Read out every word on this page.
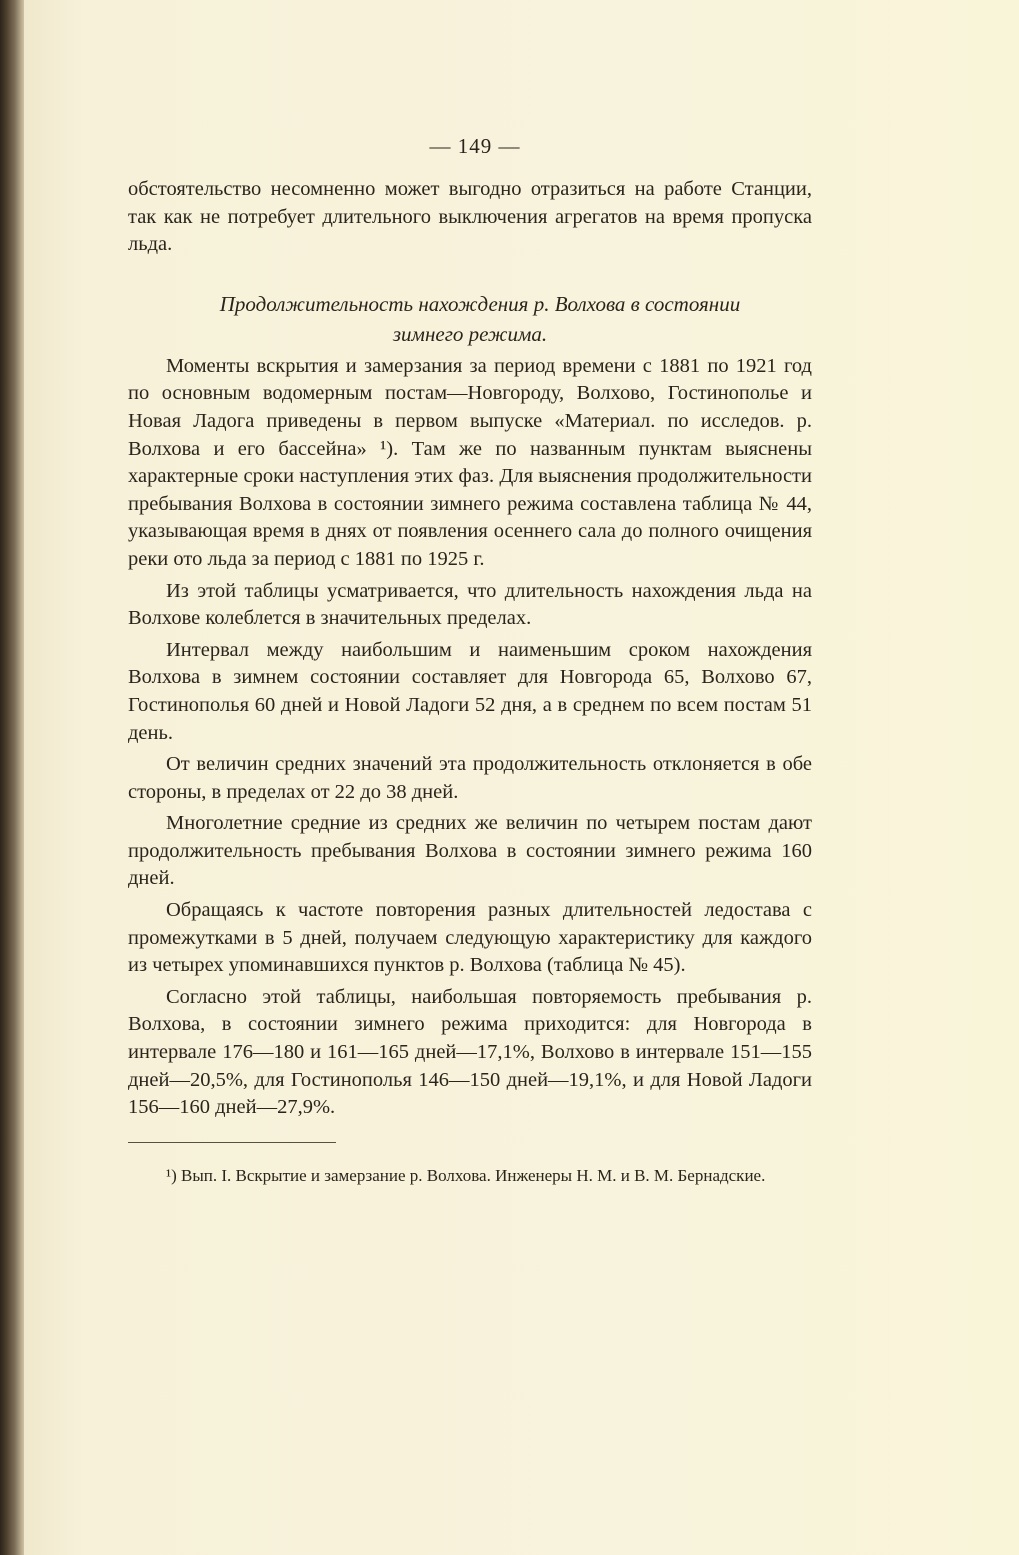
— 149 —

обстоятельство несомненно может выгодно отразиться на работе Станции, так как не потребует длительного выключения агрегатов на время пропуска льда.

Продолжительность нахождения р. Волхова в состоянии
зимнего режима.

Моменты вскрытия и замерзания за период времени с 1881 по 1921 год по основным водомерным постам—Новгороду, Волхово, Гостинополье и Новая Ладога приведены в первом выпуске «Материал. по исследов. р. Волхова и его бассейна» ¹). Там же по названным пунктам выяснены характерные сроки наступления этих фаз. Для выяснения продолжительности пребывания Волхова в состоянии зимнего режима составлена таблица № 44, указывающая время в днях от появления осеннего сала до полного очищения реки ото льда за период с 1881 по 1925 г.

Из этой таблицы усматривается, что длительность нахождения льда на Волхове колеблется в значительных пределах.

Интервал между наибольшим и наименьшим сроком нахождения Волхова в зимнем состоянии составляет для Новгорода 65, Волхово 67, Гостинополья 60 дней и Новой Ладоги 52 дня, а в среднем по всем постам 51 день.

От величин средних значений эта продолжительность отклоняется в обе стороны, в пределах от 22 до 38 дней.

Многолетние средние из средних же величин по четырем постам дают продолжительность пребывания Волхова в состоянии зимнего режима 160 дней.

Обращаясь к частоте повторения разных длительностей ледостава с промежутками в 5 дней, получаем следующую характеристику для каждого из четырех упоминавшихся пунктов р. Волхова (таблица № 45).

Согласно этой таблицы, наибольшая повторяемость пребывания р. Волхова, в состоянии зимнего режима приходится: для Новгорода в интервале 176—180 и 161—165 дней—17,1%, Волхово в интервале 151—155 дней—20,5%, для Гостинополья 146—150 дней—19,1%, и для Новой Ладоги 156—160 дней—27,9%.

¹) Вып. I. Вскрытие и замерзание р. Волхова. Инженеры Н. М. и В. М. Бернадские.
